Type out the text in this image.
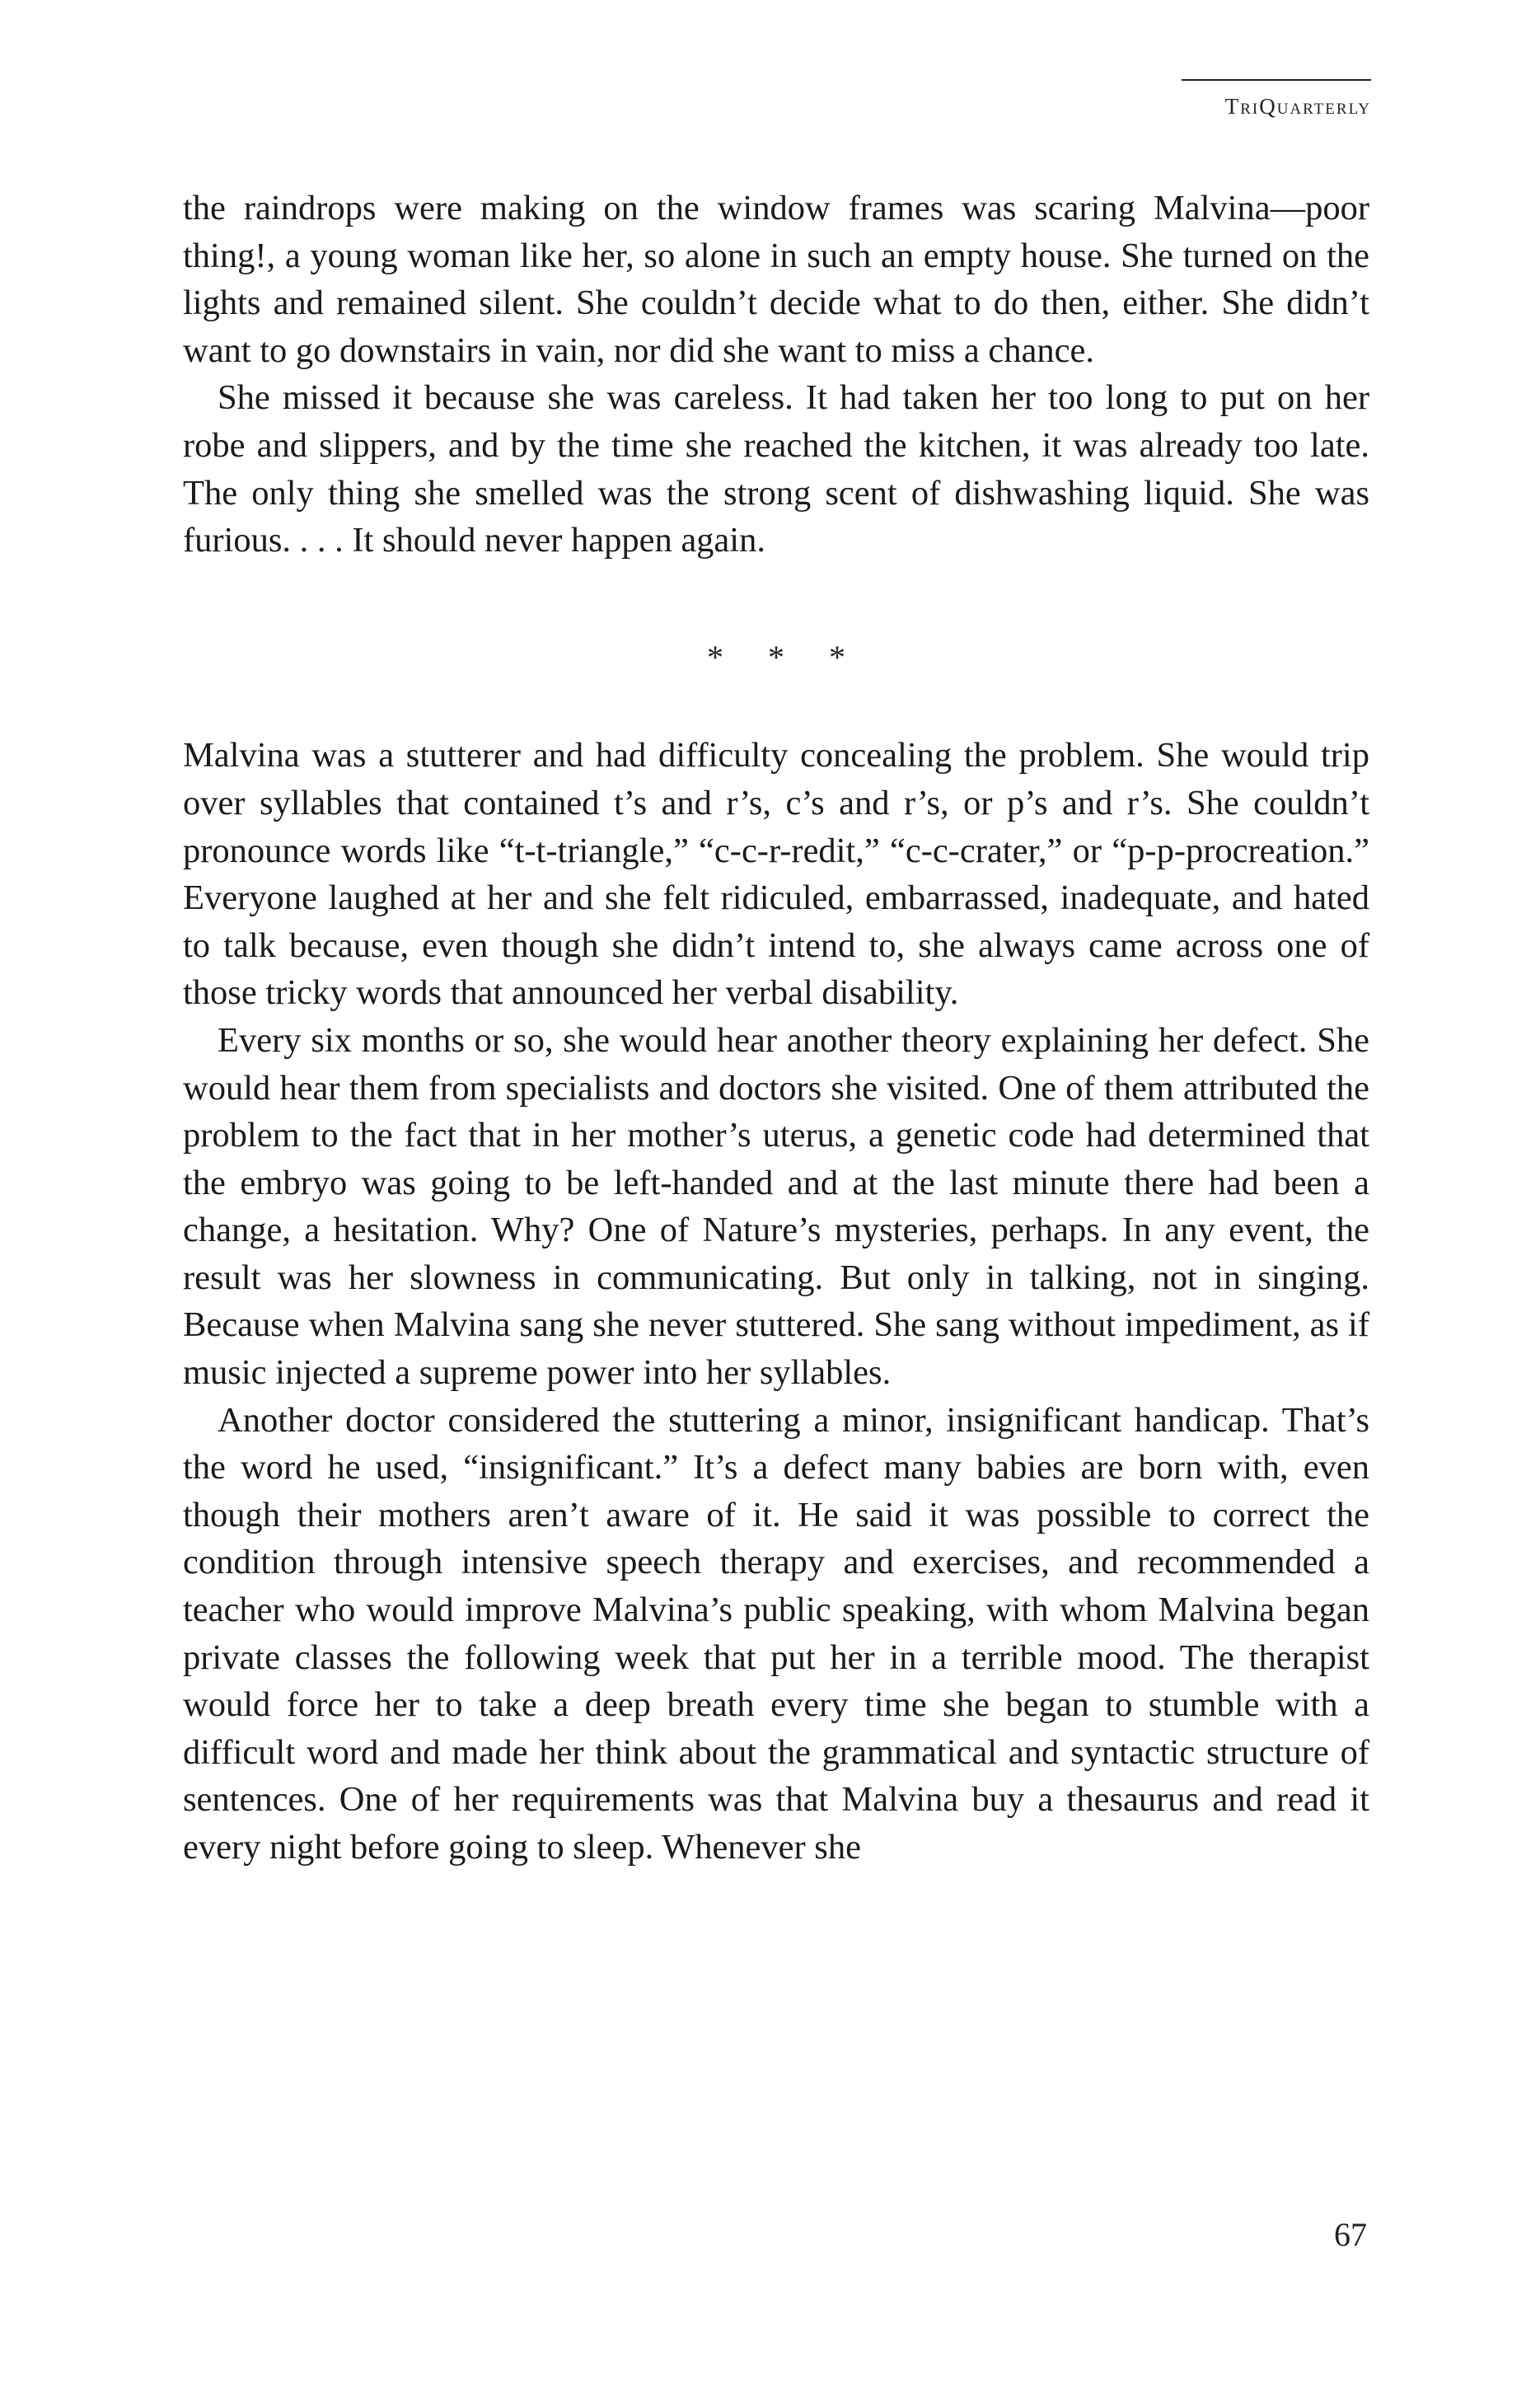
TriQuarterly

the raindrops were making on the window frames was scaring Malvina—poor thing!, a young woman like her, so alone in such an empty house. She turned on the lights and remained silent. She couldn’t decide what to do then, either. She didn’t want to go downstairs in vain, nor did she want to miss a chance.

She missed it because she was careless. It had taken her too long to put on her robe and slippers, and by the time she reached the kitchen, it was already too late. The only thing she smelled was the strong scent of dishwashing liquid. She was furious. . . . It should never happen again.

* * *

Malvina was a stutterer and had difficulty concealing the problem. She would trip over syllables that contained t’s and r’s, c’s and r’s, or p’s and r’s. She couldn’t pronounce words like “t-t-triangle,” “c-c-r-redit,” “c-c-crater,” or “p-p-procreation.” Everyone laughed at her and she felt ridiculed, embarrassed, inadequate, and hated to talk because, even though she didn’t intend to, she always came across one of those tricky words that announced her verbal disability.

Every six months or so, she would hear another theory explaining her defect. She would hear them from specialists and doctors she visited. One of them attributed the problem to the fact that in her mother’s uterus, a genetic code had determined that the embryo was going to be left-handed and at the last minute there had been a change, a hesitation. Why? One of Nature’s mysteries, perhaps. In any event, the result was her slowness in communicating. But only in talking, not in singing. Because when Malvina sang she never stuttered. She sang without impediment, as if music injected a supreme power into her syllables.

Another doctor considered the stuttering a minor, insignificant handicap. That’s the word he used, “insignificant.” It’s a defect many babies are born with, even though their mothers aren’t aware of it. He said it was possible to correct the condition through intensive speech therapy and exercises, and recommended a teacher who would improve Malvina’s public speaking, with whom Malvina began private classes the following week that put her in a terrible mood. The therapist would force her to take a deep breath every time she began to stumble with a difficult word and made her think about the grammatical and syntactic structure of sentences. One of her requirements was that Malvina buy a thesaurus and read it every night before going to sleep. Whenever she

67
